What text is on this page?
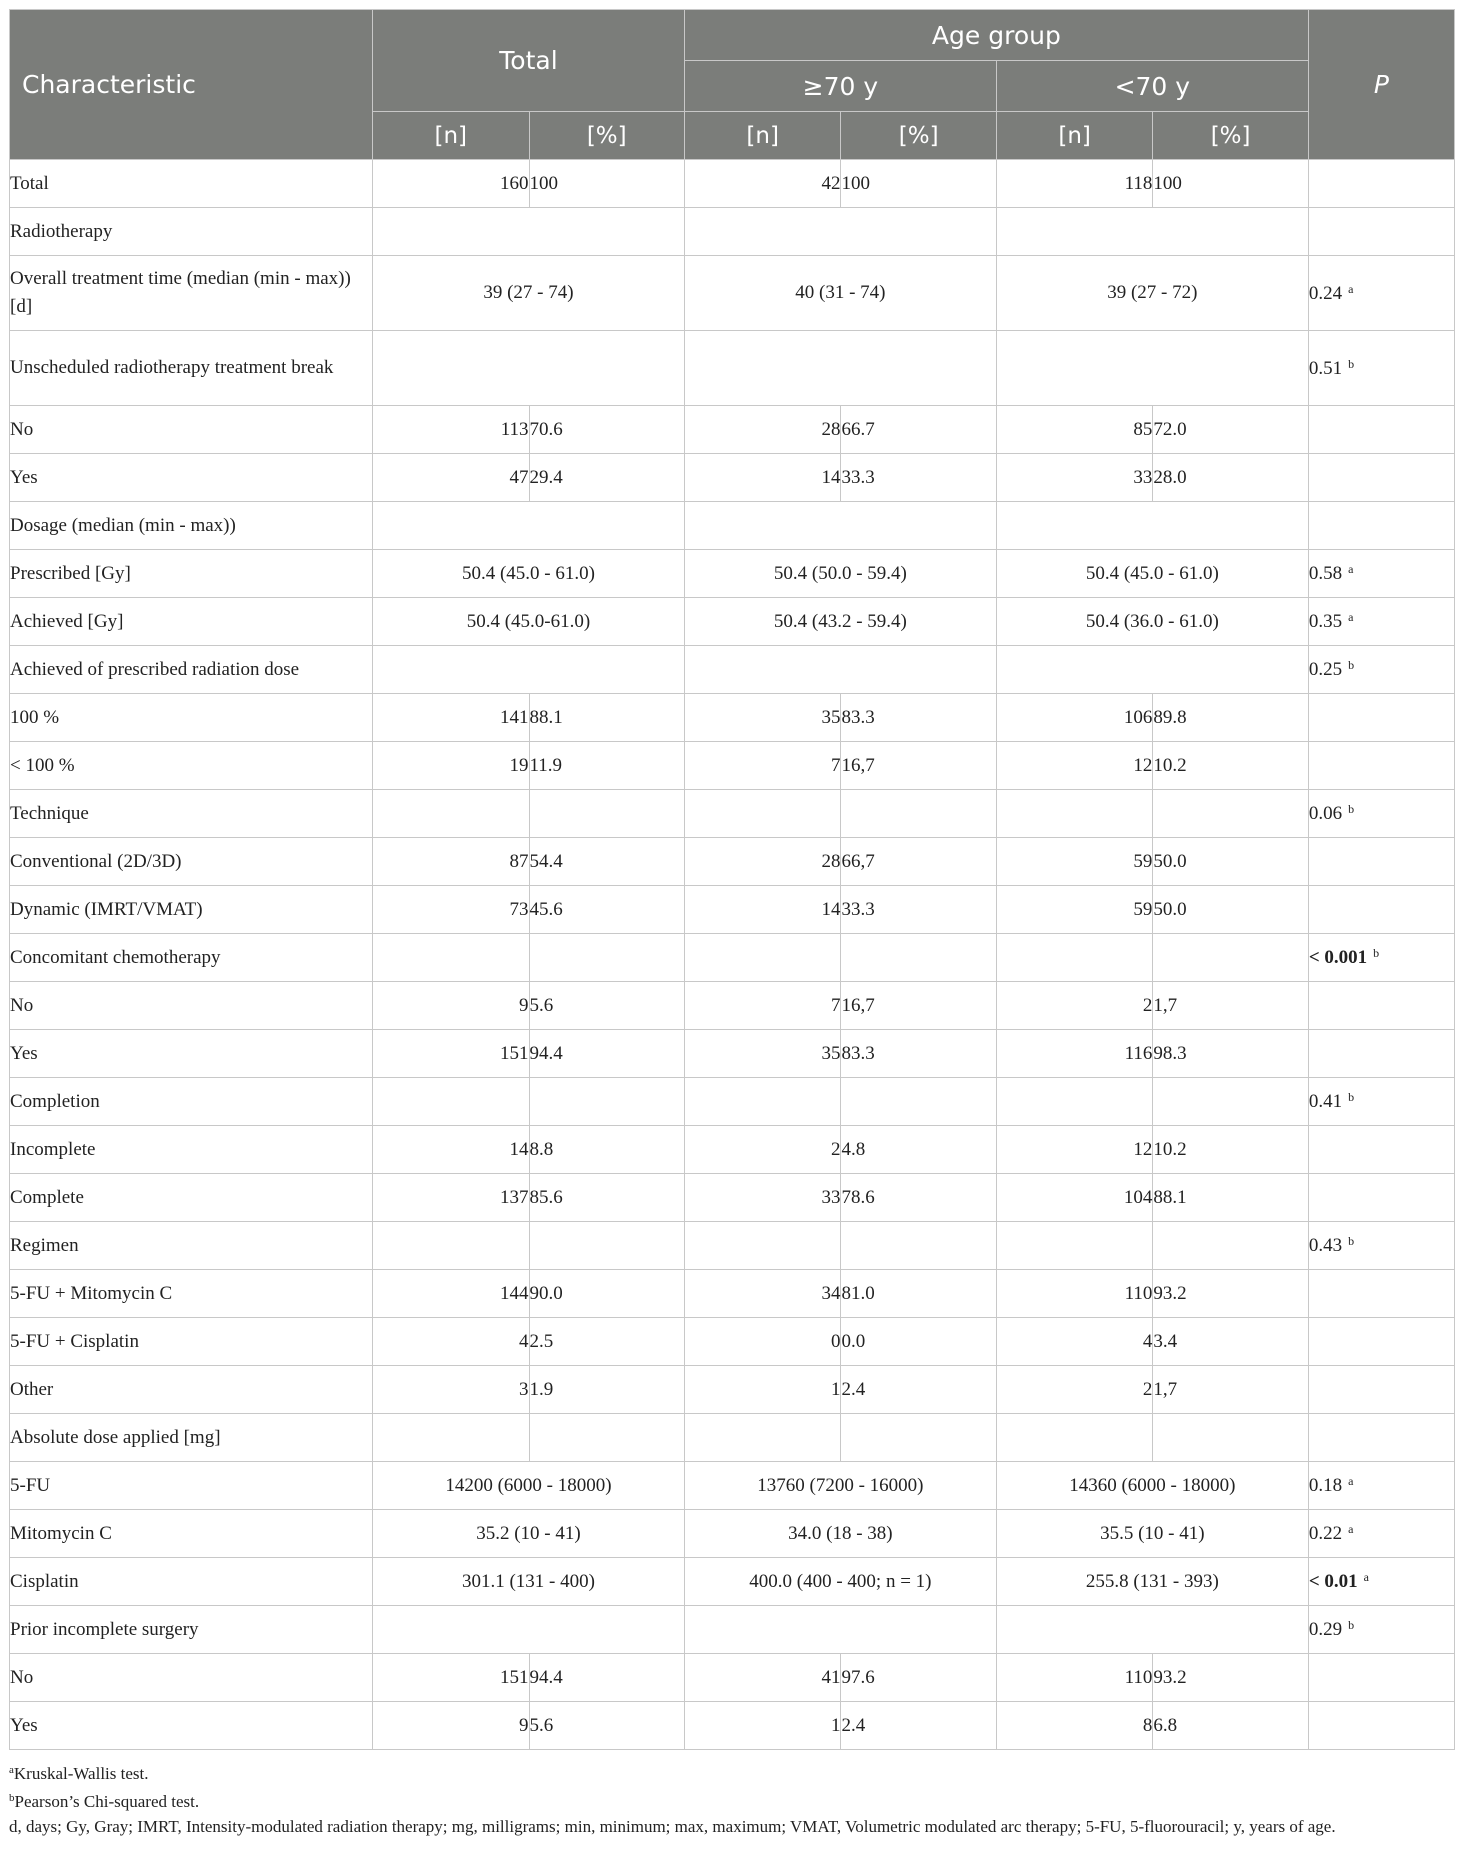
Characteristic	Total		Age group				P
			≥70 y		<70 y		
	[n]	[%]	[n]	[%]	[n]	[%]	
Total	160	100	42	100	118	100	
Radiotherapy							
Overall treatment time (median (min - max)) [d]	39 (27 - 74)		40 (31 - 74)		39 (27 - 72)		0.24 $^a$
Unscheduled radiotherapy treatment break							0.51 $^b$
No	113	70.6	28	66.7	85	72.0	
Yes	47	29.4	14	33.3	33	28.0	
Dosage (median (min - max))							
Prescribed [Gy]	50.4 (45.0 - 61.0)		50.4 (50.0 - 59.4)		50.4 (45.0 - 61.0)		0.58 $^a$
Achieved [Gy]	50.4 (45.0-61.0)		50.4 (43.2 - 59.4)		50.4 (36.0 - 61.0)		0.35 $^a$
Achieved of prescribed radiation dose							0.25 $^b$
100 %	141	88.1	35	83.3	106	89.8	
< 100 %	19	11.9	7	16,7	12	10.2	
Technique							0.06 $^b$
Conventional (2D/3D)	87	54.4	28	66,7	59	50.0	
Dynamic (IMRT/VMAT)	73	45.6	14	33.3	59	50.0	
Concomitant chemotherapy							< 0.001 $^b$
No	9	5.6	7	16,7	2	1,7	
Yes	151	94.4	35	83.3	116	98.3	
Completion							0.41 $^b$
Incomplete	14	8.8	2	4.8	12	10.2	
Complete	137	85.6	33	78.6	104	88.1	
Regimen							0.43 $^b$
5-FU + Mitomycin C	144	90.0	34	81.0	110	93.2	
5-FU + Cisplatin	4	2.5	0	0.0	4	3.4	
Other	3	1.9	1	2.4	2	1,7	
Absolute dose applied [mg]							
5-FU	14200 (6000 - 18000)		13760 (7200 - 16000)		14360 (6000 - 18000)		0.18 $^a$
Mitomycin C	35.2 (10 - 41)		34.0 (18 - 38)		35.5 (10 - 41)		0.22 $^a$
Cisplatin	301.1 (131 - 400)		400.0 (400 - 400; n = 1)		255.8 (131 - 393)		< 0.01 $^a$
Prior incomplete surgery							0.29 $^b$
No	151	94.4	41	97.6	110	93.2	
Yes	9	5.6	1	2.4	8	6.8	
$^a$Kruskal-Wallis test.
$^b$Pearson’s Chi-squared test.
d, days; Gy, Gray; IMRT, Intensity-modulated radiation therapy; mg, milligrams; min, minimum; max, maximum; VMAT, Volumetric modulated arc therapy; 5-FU, 5-fluorouracil; y, years of age.
